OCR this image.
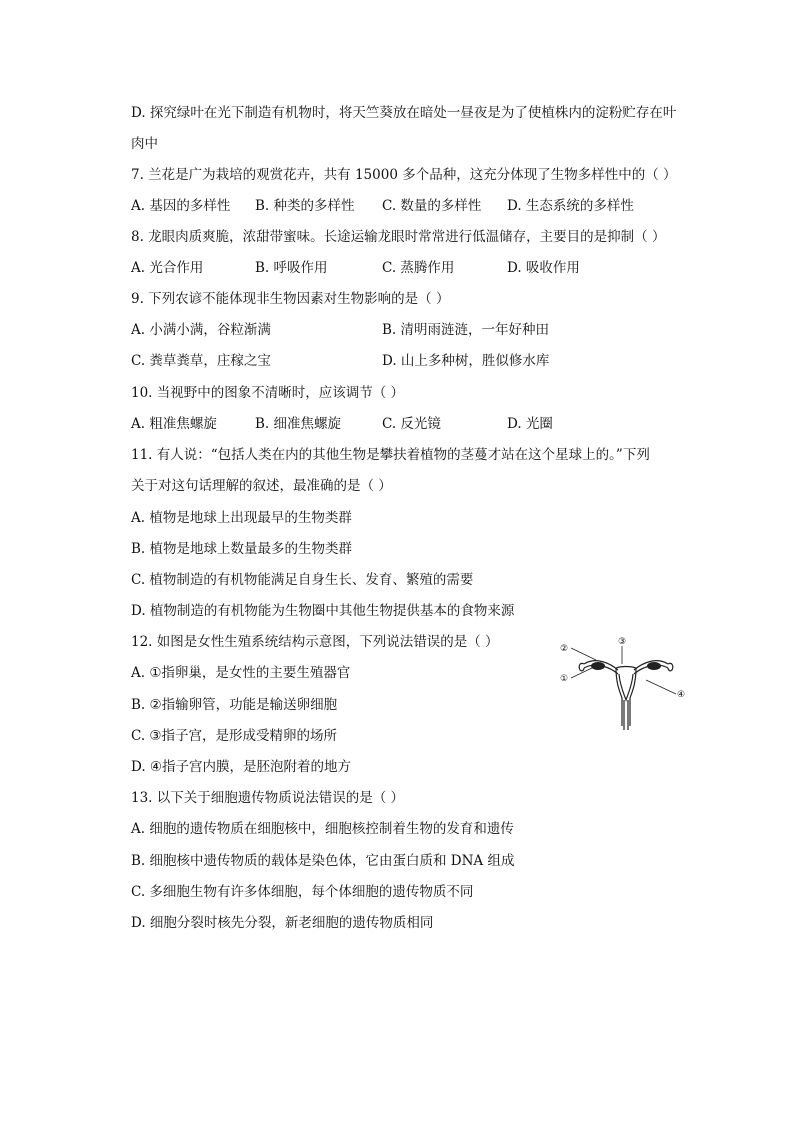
D. 探究绿叶在光下制造有机物时，将天竺葵放在暗处一昼夜是为了使植株内的淀粉贮存在叶
肉中
7. 兰花是广为栽培的观赏花卉，共有 15000 多个品种，这充分体现了生物多样性中的（ ）
A. 基因的多样性 B. 种类的多样性 C. 数量的多样性 D. 生态系统的多样性
8. 龙眼肉质爽脆，浓甜带蜜味。长途运输龙眼时常常进行低温储存，主要目的是抑制（ ）
A. 光合作用	B. 呼吸作用	C. 蒸腾作用	D. 吸收作用
9. 下列农谚不能体现非生物因素对生物影响的是（ ）
A. 小满小满，谷粒渐满	B. 清明雨涟涟，一年好种田
C. 粪草粪草，庄稼之宝	D. 山上多种树，胜似修水库
10. 当视野中的图象不清晰时，应该调节（ ）
A. 粗准焦螺旋	B. 细准焦螺旋	C. 反光镜	D. 光圈
11. 有人说：“包括人类在内的其他生物是攀扶着植物的茎蔓才站在这个星球上的。”下列
关于对这句话理解的叙述，最准确的是（ ）
A. 植物是地球上出现最早的生物类群
B. 植物是地球上数量最多的生物类群
C. 植物制造的有机物能满足自身生长、发育、繁殖的需要
D. 植物制造的有机物能为生物圈中其他生物提供基本的食物来源
12. 如图是女性生殖系统结构示意图，下列说法错误的是（ ）
A. ①指卵巢，是女性的主要生殖器官
B. ②指输卵管，功能是输送卵细胞
C. ③指子宫，是形成受精卵的场所
D. ④指子宫内膜，是胚泡附着的地方
②
③
①
④
13. 以下关于细胞遗传物质说法错误的是（ ）
A. 细胞的遗传物质在细胞核中，细胞核控制着生物的发育和遗传
B. 细胞核中遗传物质的载体是染色体，它由蛋白质和 DNA 组成
C. 多细胞生物有许多体细胞，每个体细胞的遗传物质不同
D. 细胞分裂时核先分裂，新老细胞的遗传物质相同
